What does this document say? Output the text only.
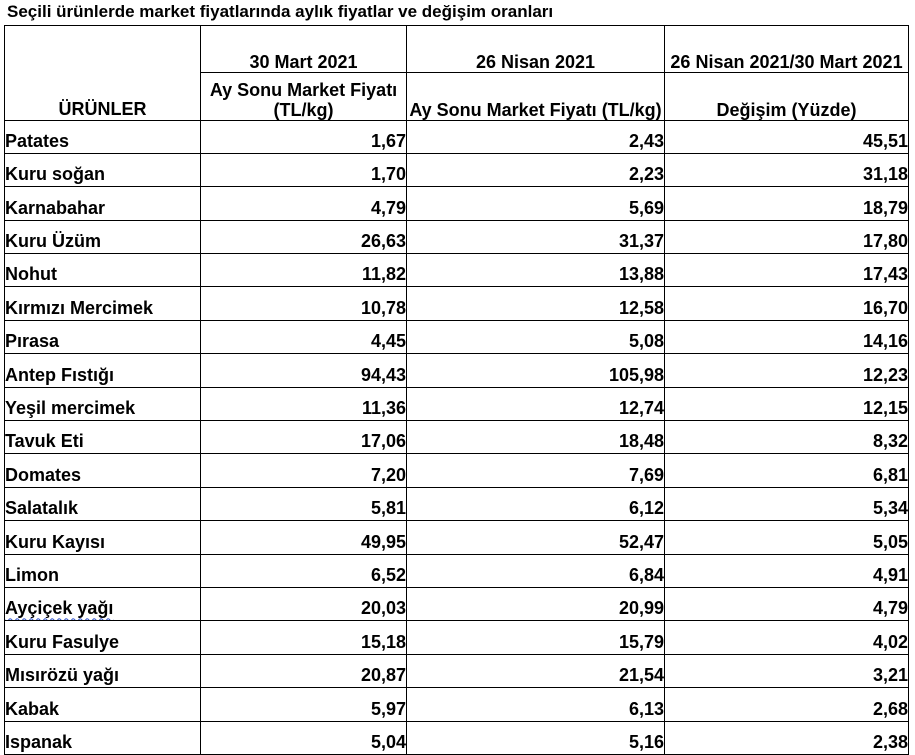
Seçili ürünlerde market fiyatlarında aylık fiyatlar ve değişim oranları
	30 Mart 2021	26 Nisan 2021	26 Nisan 2021/30 Mart 2021

ÜRÜNLER	Ay Sonu Market Fiyatı (TL/kg)	Ay Sonu Market Fiyatı (TL/kg)	Değişim (Yüzde)
Patates	1,67	2,43	45,51
Kuru soğan	1,70	2,23	31,18
Karnabahar	4,79	5,69	18,79
Kuru Üzüm	26,63	31,37	17,80
Nohut	11,82	13,88	17,43
Kırmızı Mercimek	10,78	12,58	16,70
Pırasa	4,45	5,08	14,16
Antep Fıstığı	94,43	105,98	12,23
Yeşil mercimek	11,36	12,74	12,15
Tavuk Eti	17,06	18,48	8,32
Domates	7,20	7,69	6,81
Salatalık	5,81	6,12	5,34
Kuru Kayısı	49,95	52,47	5,05
Limon	6,52	6,84	4,91
Ayçiçek yağı	20,03	20,99	4,79
Kuru Fasulye	15,18	15,79	4,02
Mısırözü yağı	20,87	21,54	3,21
Kabak	5,97	6,13	2,68
Ispanak	5,04	5,16	2,38
